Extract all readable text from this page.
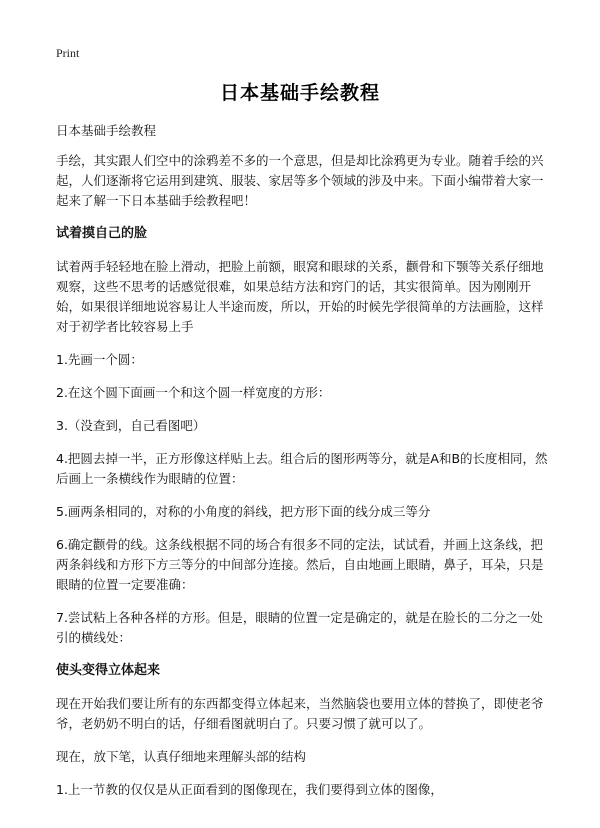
Print
日本基础手绘教程

日本基础手绘教程

手绘，其实跟人们空中的涂鸦差不多的一个意思，但是却比涂鸦更为专业。随着手绘的兴起，人们逐渐将它运用到建筑、服装、家居等多个领域的涉及中来。下面小编带着大家一起来了解一下日本基础手绘教程吧！

试着摸自己的脸

试着两手轻轻地在脸上滑动，把脸上前额，眼窝和眼球的关系，颧骨和下颚等关系仔细地观察，这些不思考的话感觉很难，如果总结方法和窍门的话，其实很简单。因为刚刚开始，如果很详细地说容易让人半途而废，所以，开始的时候先学很简单的方法画脸，这样对于初学者比较容易上手

1.先画一个圆：

2.在这个圆下面画一个和这个圆一样宽度的方形：

3.（没查到，自己看图吧）

4.把圆去掉一半，正方形像这样贴上去。组合后的图形两等分，就是A和B的长度相同，然后画上一条横线作为眼睛的位置：

5.画两条相同的，对称的小角度的斜线，把方形下面的线分成三等分

6.确定颧骨的线。这条线根据不同的场合有很多不同的定法，试试看，并画上这条线，把两条斜线和方形下方三等分的中间部分连接。然后，自由地画上眼睛，鼻子，耳朵，只是眼睛的位置一定要准确：

7.尝试粘上各种各样的方形。但是，眼睛的位置一定是确定的，就是在脸长的二分之一处引的横线处：

使头变得立体起来

现在开始我们要让所有的东西都变得立体起来，当然脑袋也要用立体的替换了，即使老爷爷，老奶奶不明白的话，仔细看图就明白了。只要习惯了就可以了。

现在，放下笔，认真仔细地来理解头部的结构

1.上一节教的仅仅是从正面看到的图像现在，我们要得到立体的图像，
